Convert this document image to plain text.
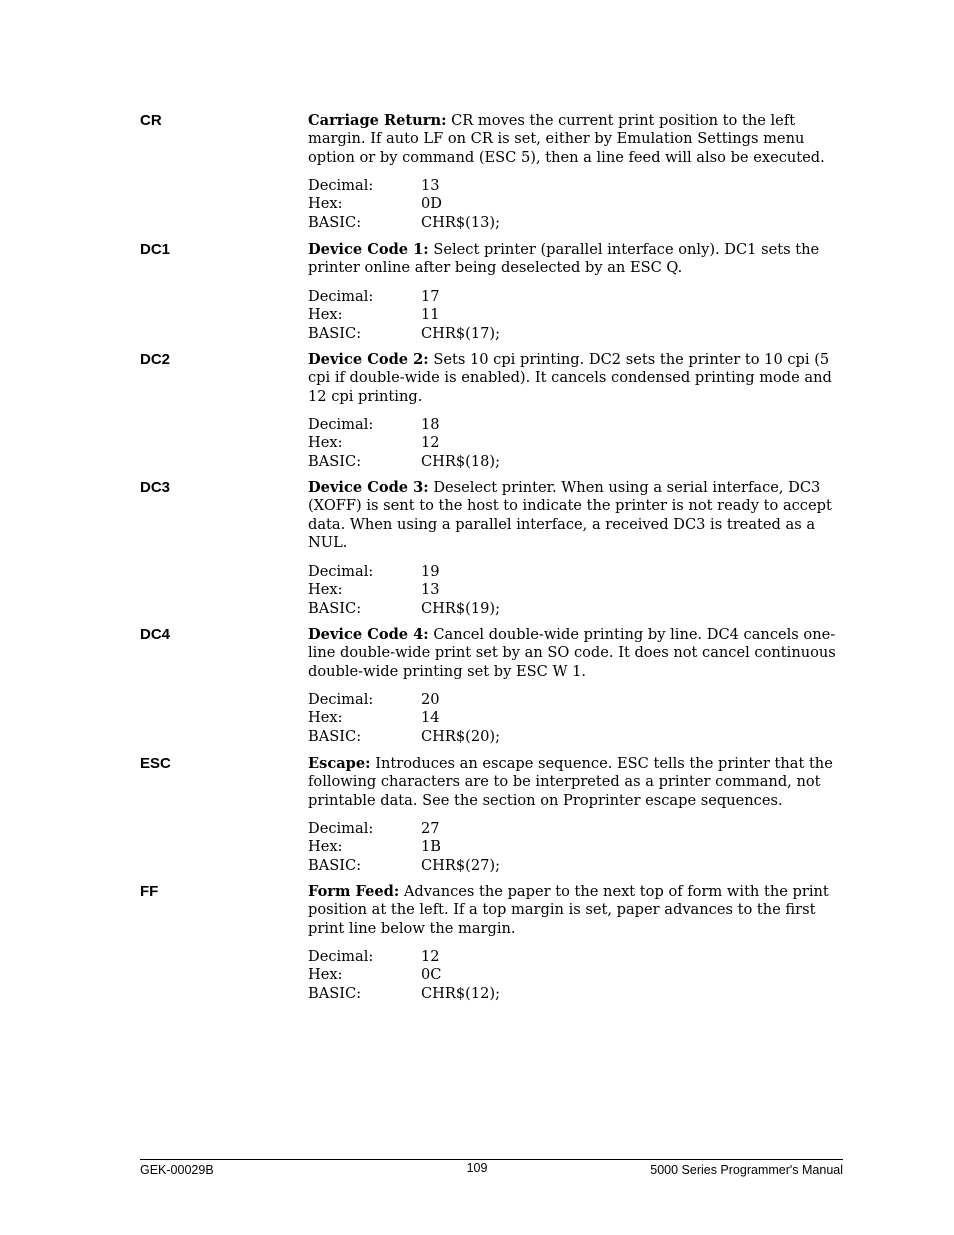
CR	Carriage Return: CR moves the current print position to the left margin. If auto LF on CR is set, either by Emulation Settings menu option or by command (ESC 5), then a line feed will also be executed.
Decimal:	13
Hex:	0D
BASIC:	CHR$(13);
DC1	Device Code 1: Select printer (parallel interface only). DC1 sets the printer online after being deselected by an ESC Q.
Decimal:	17
Hex:	11
BASIC:	CHR$(17);
DC2	Device Code 2: Sets 10 cpi printing. DC2 sets the printer to 10 cpi (5 cpi if double-wide is enabled). It cancels condensed printing mode and 12 cpi printing.
Decimal:	18
Hex:	12
BASIC:	CHR$(18);
DC3	Device Code 3: Deselect printer. When using a serial interface, DC3 (XOFF) is sent to the host to indicate the printer is not ready to accept data. When using a parallel interface, a received DC3 is treated as a NUL.
Decimal:	19
Hex:	13
BASIC:	CHR$(19);
DC4	Device Code 4: Cancel double-wide printing by line. DC4 cancels one-line double-wide print set by an SO code. It does not cancel continuous double-wide printing set by ESC W 1.
Decimal:	20
Hex:	14
BASIC:	CHR$(20);
ESC	Escape: Introduces an escape sequence. ESC tells the printer that the following characters are to be interpreted as a printer command, not printable data. See the section on Proprinter escape sequences.
Decimal:	27
Hex:	1B
BASIC:	CHR$(27);
FF	Form Feed: Advances the paper to the next top of form with the print position at the left. If a top margin is set, paper advances to the first print line below the margin.
Decimal:	12
Hex:	0C
BASIC:	CHR$(12);
GEK-00029B	109	5000 Series Programmer's Manual
